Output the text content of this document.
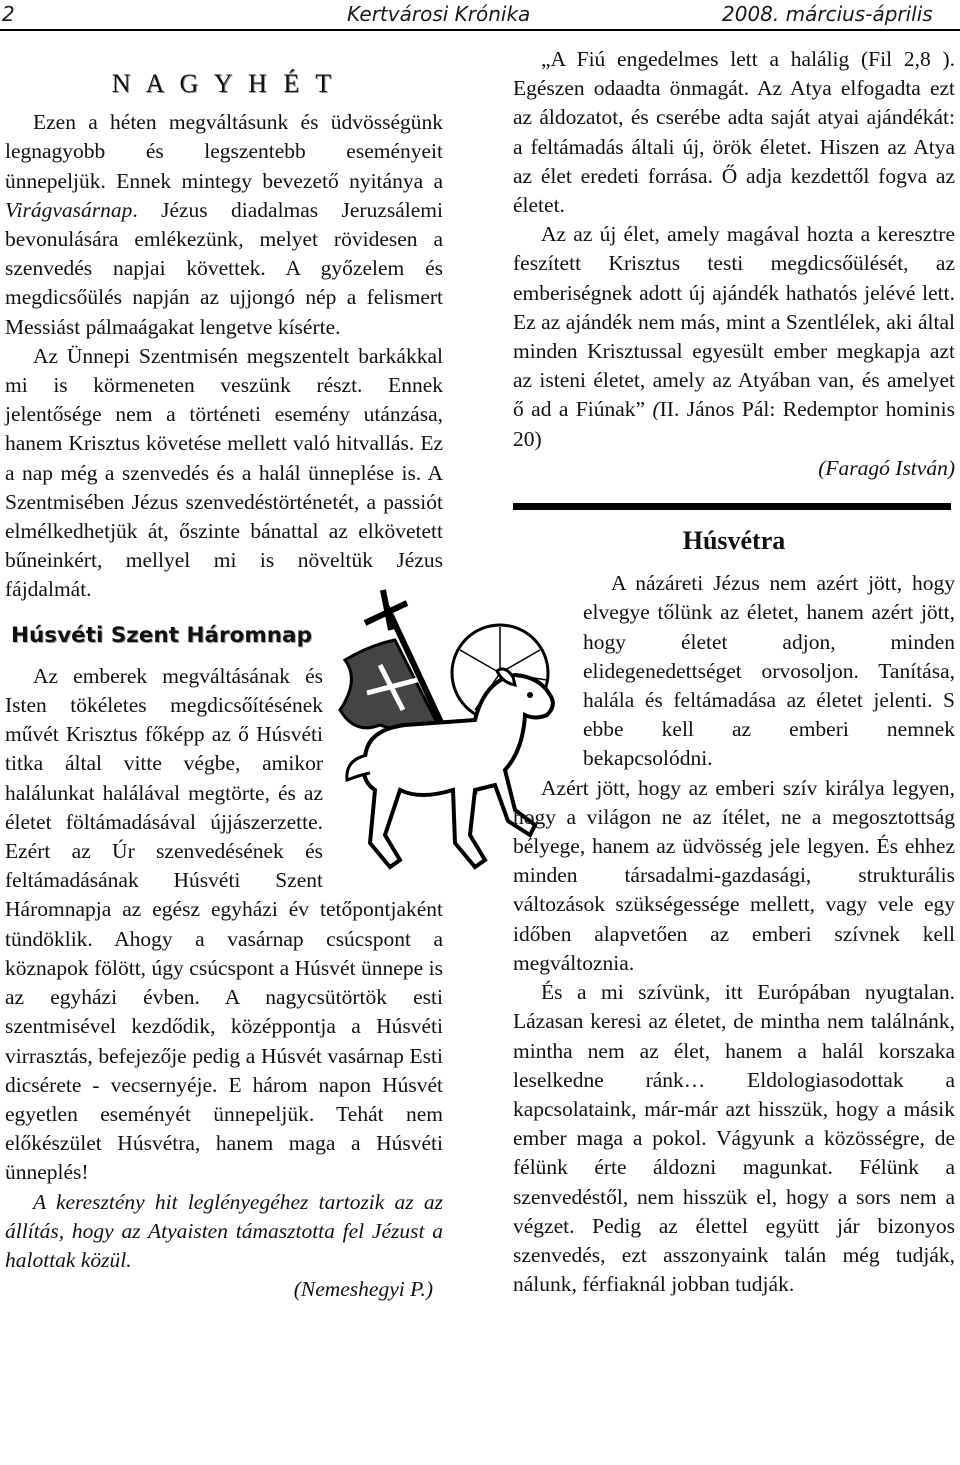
2	Kertvárosi Krónika	2008. március-április
N A G Y H É T

Ezen a héten megváltásunk és üdvösségünk legnagyobb és legszentebb eseményeit ünnepeljük. Ennek mintegy bevezető nyitánya a Virágvasárnap. Jézus diadalmas Jeruzsálemi bevonulására emlékezünk, melyet rövidesen a szenvedés napjai követtek. A győzelem és megdicsőülés napján az ujjongó nép a felismert Messiást pálmaágakat lengetve kísérte.

Az Ünnepi Szentmisén megszentelt barkákkal mi is körmeneten veszünk részt. Ennek jelentősége nem a történeti esemény utánzása, hanem Krisztus követése mellett való hitvallás. Ez a nap még a szenvedés és a halál ünneplése is. A Szentmisében Jézus szenvedéstörténetét, a passiót elmélkedhetjük át, őszinte bánattal az elkövetett bűneinkért, mellyel mi is növeltük Jézus fájdalmát.

Húsvéti Szent Háromnap

Az emberek megváltásának és Isten tökéletes megdicsőítésének művét Krisztus főképp az ő Húsvéti titka által vitte végbe, amikor halálunkat halálával megtörte, és az életet föltámadásával újjászerzette. Ezért az Úr szenvedésének és feltámadásának Húsvéti Szent Háromnapja az egész egyházi év tetőpontjaként tündöklik. Ahogy a vasárnap csúcspont a köznapok fölött, úgy csúcspont a Húsvét ünnepe is az egyházi évben. A nagycsütörtök esti szentmisével kezdődik, középpontja a Húsvéti virrasztás, befejezője pedig a Húsvét vasárnap Esti dicsérete - vecsernyéje. E három napon Húsvét egyetlen eseményét ünnepeljük. Tehát nem előkészület Húsvétra, hanem maga a Húsvéti ünneplés!

A keresztény hit leglényegéhez tartozik az az állítás, hogy az Atyaisten támasztotta fel Jézust a halottak közül.

(Nemeshegyi P.)

„A Fiú engedelmes lett a halálig (Fil 2,8 ). Egészen odaadta önmagát. Az Atya elfogadta ezt az áldozatot, és cserébe adta saját atyai ajándékát: a feltámadás általi új, örök életet. Hiszen az Atya az élet eredeti forrása. Ő adja kezdettől fogva az életet.

Az az új élet, amely magával hozta a keresztre feszített Krisztus testi megdicsőülését, az emberiségnek adott új ajándék hathatós jelévé lett. Ez az ajándék nem más, mint a Szentlélek, aki által minden Krisztussal egyesült ember megkapja azt az isteni életet, amely az Atyában van, és amelyet ő ad a Fiúnak” (II. János Pál: Redemptor hominis 20)

(Faragó István)

Húsvétra

A názáreti Jézus nem azért jött, hogy elvegye tőlünk az életet, hanem azért jött, hogy életet adjon, minden elidegenedettséget orvosoljon. Tanítása, halála és feltámadása az életet jelenti. S ebbe kell az emberi nemnek bekapcsolódni.

Azért jött, hogy az emberi szív királya legyen, hogy a világon ne az ítélet, ne a megosztottság bélyege, hanem az üdvösség jele legyen. És ehhez minden társadalmi-gazdasági, strukturális változások szükségessége mellett, vagy vele egy időben alapvetően az emberi szívnek kell megváltoznia.

És a mi szívünk, itt Európában nyugtalan. Lázasan keresi az életet, de mintha nem találnánk, mintha nem az élet, hanem a halál korszaka leselkedne ránk… Eldologiasodottak a kapcsolataink, már-már azt hisszük, hogy a másik ember maga a pokol. Vágyunk a közösségre, de félünk érte áldozni magunkat. Félünk a szenvedéstől, nem hisszük el, hogy a sors nem a végzet. Pedig az élettel együtt jár bizonyos szenvedés, ezt asszonyaink talán még tudják, nálunk, férfiaknál jobban tudják.
